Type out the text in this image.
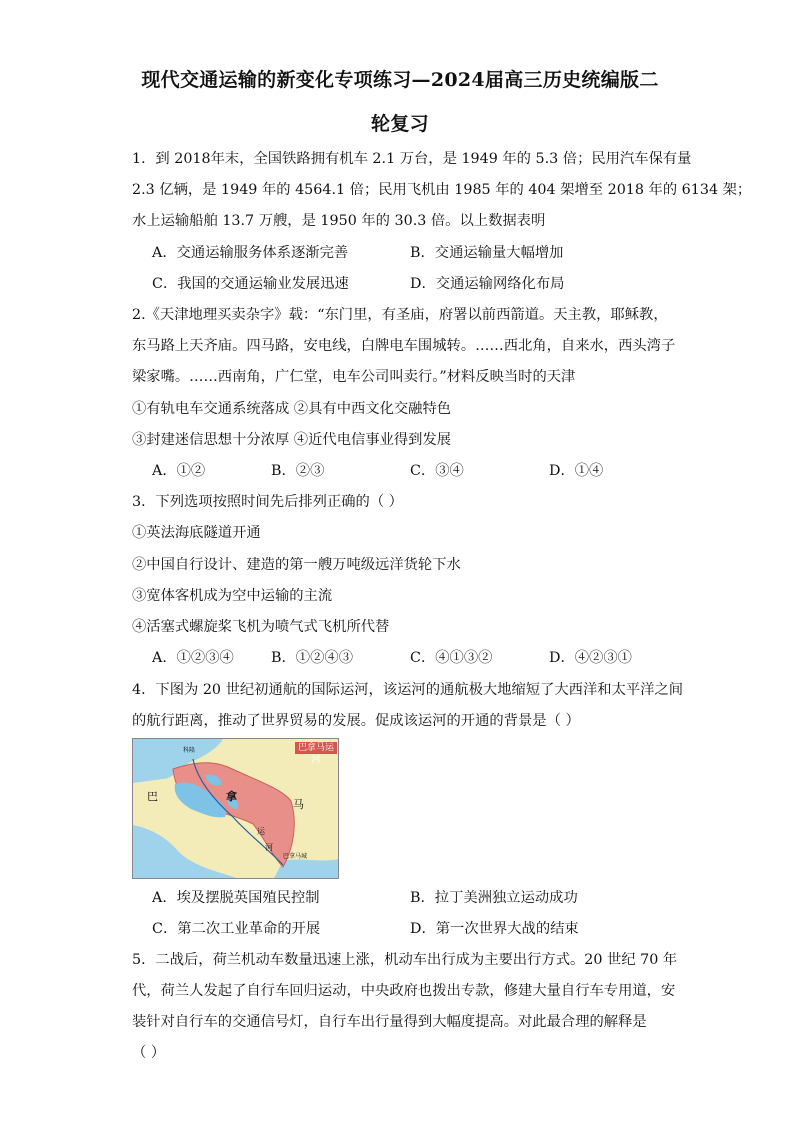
现代交通运输的新变化专项练习—2024届高三历史统编版二
轮复习
1．到 2018年末，全国铁路拥有机车 2.1 万台，是 1949 年的 5.3 倍；民用汽车保有量
2.3 亿辆，是 1949 年的 4564.1 倍；民用飞机由 1985 年的 404 架增至 2018 年的 6134 架；
水上运输船舶 13.7 万艘，是 1950 年的 30.3 倍。以上数据表明
A．交通运输服务体系逐渐完善	B．交通运输量大幅增加
C．我国的交通运输业发展迅速	D．交通运输网络化布局
2.《天津地理买卖杂字》载：“东门里，有圣庙，府署以前西箭道。天主教，耶稣教，
东马路上天齐庙。四马路，安电线，白牌电车围城转。……西北角，自来水，西头湾子
梁家嘴。……西南角，广仁堂，电车公司叫卖行。”材料反映当时的天津
①有轨电车交通系统落成 ②具有中西文化交融特色
③封建迷信思想十分浓厚 ④近代电信事业得到发展
A．①②	B．②③	C．③④	D．①④
3．下列选项按照时间先后排列正确的（ ）
①英法海底隧道开通
②中国自行设计、建造的第一艘万吨级远洋货轮下水
③宽体客机成为空中运输的主流
④活塞式螺旋桨飞机为喷气式飞机所代替
A．①②③④	B．①②④③	C．④①③②	D．④②③①
4．下图为 20 世纪初通航的国际运河，该运河的通航极大地缩短了大西洋和太平洋之间
的航行距离，推动了世界贸易的发展。促成该运河的开通的背景是（ ）
巴拿马运河
巴	拿
马
运
河
科隆
巴拿马城
A．埃及摆脱英国殖民控制	B．拉丁美洲独立运动成功
C．第二次工业革命的开展	D．第一次世界大战的结束
5．二战后，荷兰机动车数量迅速上涨，机动车出行成为主要出行方式。20 世纪 70 年
代，荷兰人发起了自行车回归运动，中央政府也拨出专款，修建大量自行车专用道，安
装针对自行车的交通信号灯，自行车出行量得到大幅度提高。对此最合理的解释是
（ ）
